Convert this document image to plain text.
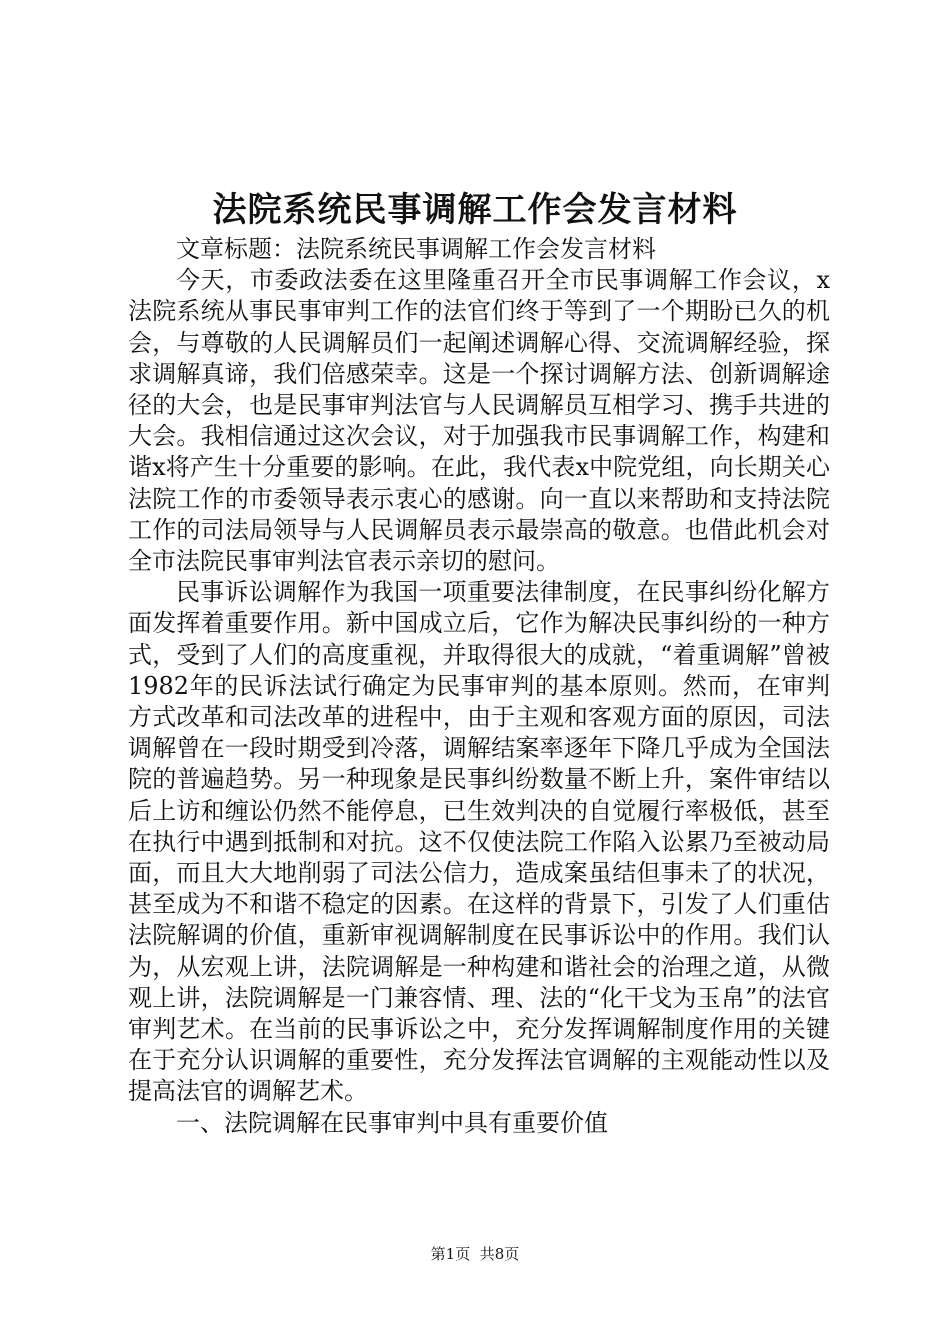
法院系统民事调解工作会发言材料

文章标题：法院系统民事调解工作会发言材料

今天，市委政法委在这里隆重召开全市民事调解工作会议，x法院系统从事民事审判工作的法官们终于等到了一个期盼已久的机会，与尊敬的人民调解员们一起阐述调解心得、交流调解经验，探求调解真谛，我们倍感荣幸。这是一个探讨调解方法、创新调解途径的大会，也是民事审判法官与人民调解员互相学习、携手共进的大会。我相信通过这次会议，对于加强我市民事调解工作，构建和谐x将产生十分重要的影响。在此，我代表x中院党组，向长期关心法院工作的市委领导表示衷心的感谢。向一直以来帮助和支持法院工作的司法局领导与人民调解员表示最崇高的敬意。也借此机会对全市法院民事审判法官表示亲切的慰问。

民事诉讼调解作为我国一项重要法律制度，在民事纠纷化解方面发挥着重要作用。新中国成立后，它作为解决民事纠纷的一种方式，受到了人们的高度重视，并取得很大的成就，“着重调解”曾被1982年的民诉法试行确定为民事审判的基本原则。然而，在审判方式改革和司法改革的进程中，由于主观和客观方面的原因，司法调解曾在一段时期受到冷落，调解结案率逐年下降几乎成为全国法院的普遍趋势。另一种现象是民事纠纷数量不断上升，案件审结以后上访和缠讼仍然不能停息，已生效判决的自觉履行率极低，甚至在执行中遇到抵制和对抗。这不仅使法院工作陷入讼累乃至被动局面，而且大大地削弱了司法公信力，造成案虽结但事未了的状况，甚至成为不和谐不稳定的因素。在这样的背景下，引发了人们重估法院解调的价值，重新审视调解制度在民事诉讼中的作用。我们认为，从宏观上讲，法院调解是一种构建和谐社会的治理之道，从微观上讲，法院调解是一门兼容情、理、法的“化干戈为玉帛”的法官审判艺术。在当前的民事诉讼之中，充分发挥调解制度作用的关键在于充分认识调解的重要性，充分发挥法官调解的主观能动性以及提高法官的调解艺术。

一、法院调解在民事审判中具有重要价值

第1页 共8页
